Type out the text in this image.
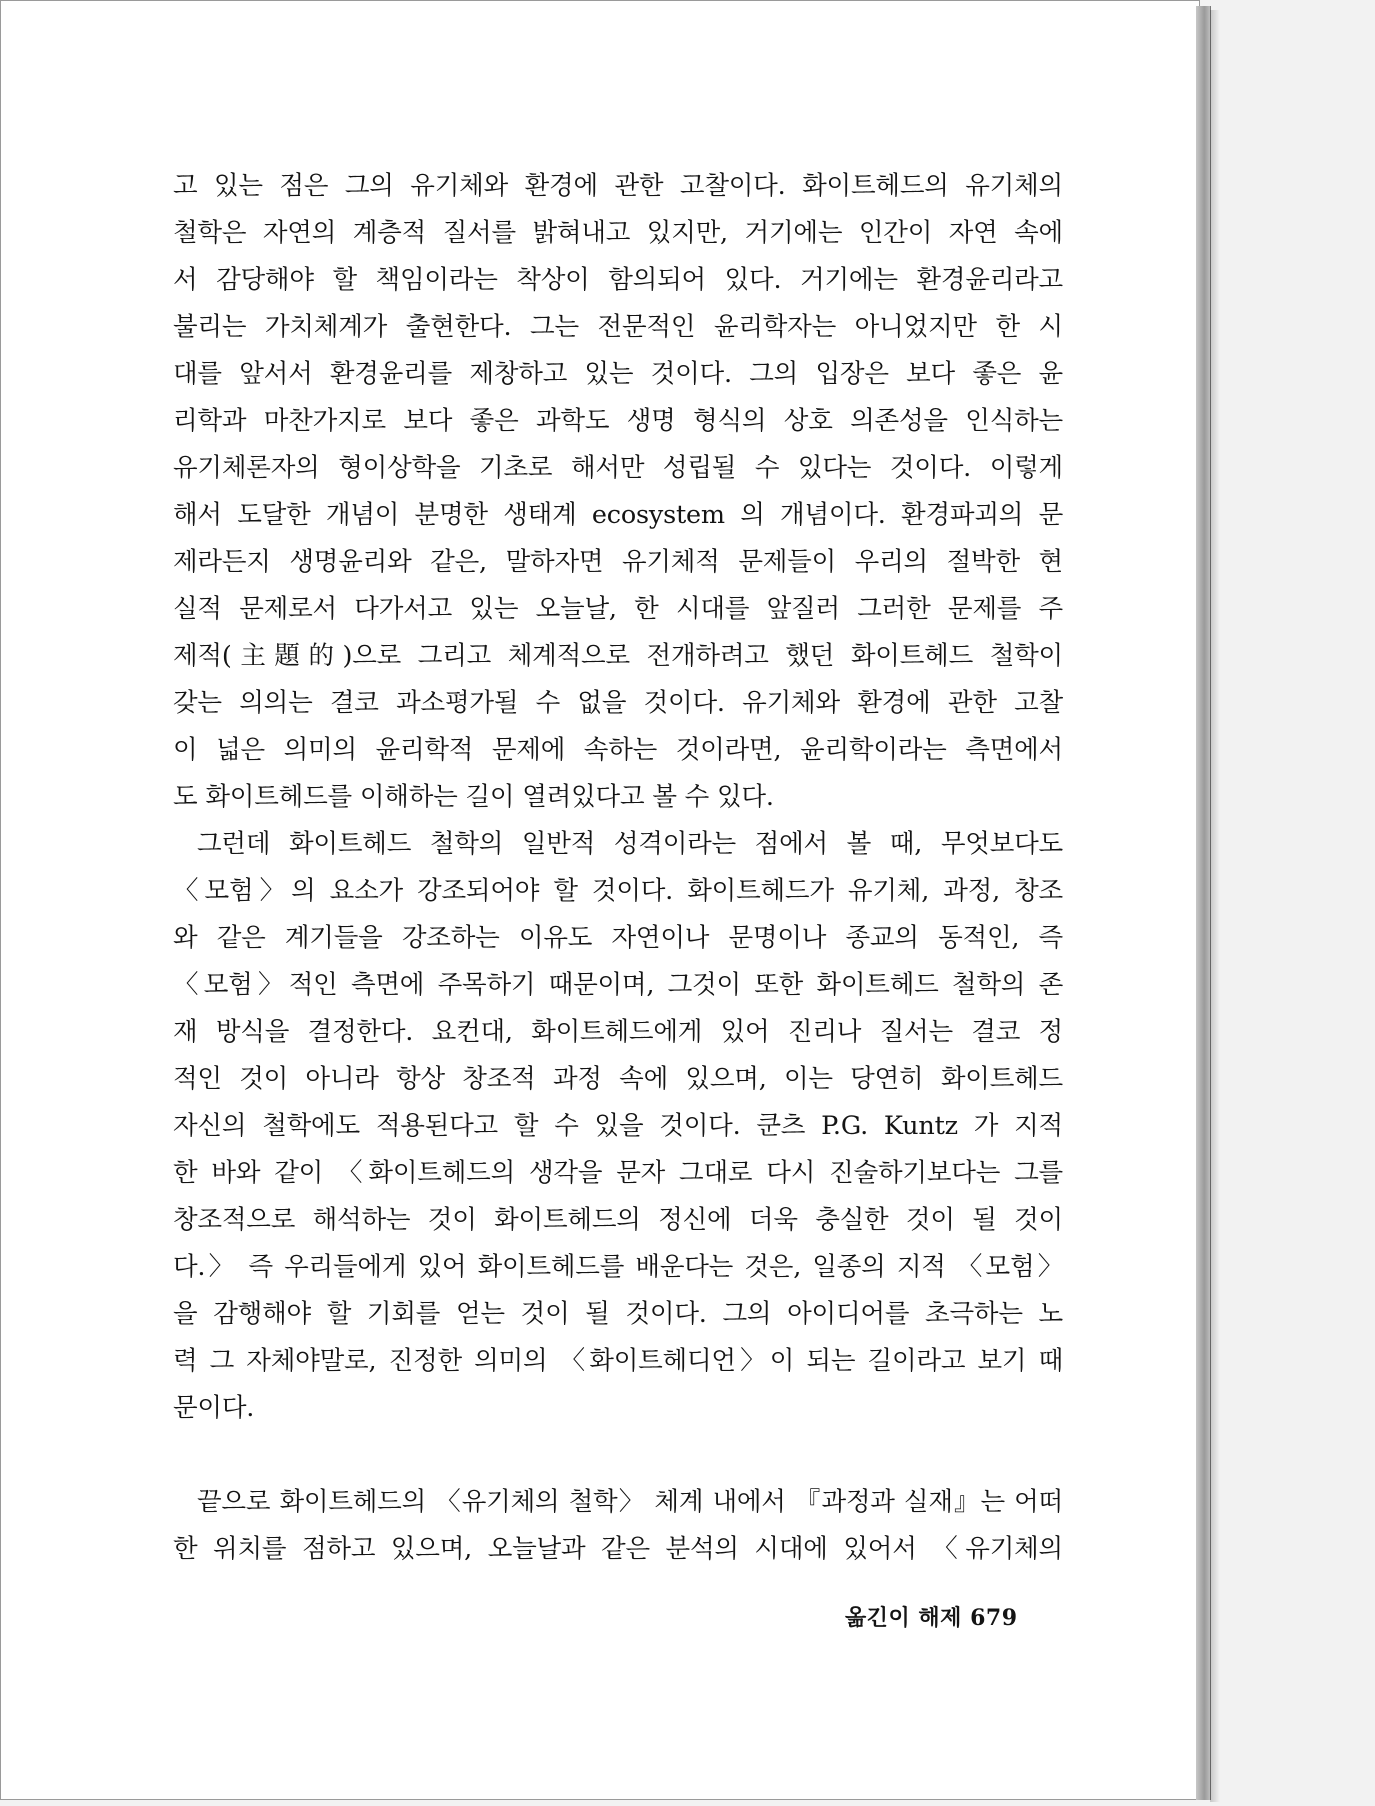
고 있는 점은 그의 유기체와 환경에 관한 고찰이다. 화이트헤드의 유기체의
철학은 자연의 계층적 질서를 밝혀내고 있지만, 거기에는 인간이 자연 속에
서 감당해야 할 책임이라는 착상이 함의되어 있다. 거기에는 환경윤리라고
불리는 가치체계가 출현한다. 그는 전문적인 윤리학자는 아니었지만 한 시
대를 앞서서 환경윤리를 제창하고 있는 것이다. 그의 입장은 보다 좋은 윤
리학과 마찬가지로 보다 좋은 과학도 생명 형식의 상호 의존성을 인식하는
유기체론자의 형이상학을 기초로 해서만 성립될 수 있다는 것이다. 이렇게
해서 도달한 개념이 분명한 생태계 ecosystem 의 개념이다. 환경파괴의 문
제라든지 생명윤리와 같은, 말하자면 유기체적 문제들이 우리의 절박한 현
실적 문제로서 다가서고 있는 오늘날, 한 시대를 앞질러 그러한 문제를 주
제적(主題的)으로 그리고 체계적으로 전개하려고 했던 화이트헤드 철학이
갖는 의의는 결코 과소평가될 수 없을 것이다. 유기체와 환경에 관한 고찰
이 넓은 의미의 윤리학적 문제에 속하는 것이라면, 윤리학이라는 측면에서
도 화이트헤드를 이해하는 길이 열려있다고 볼 수 있다.
그런데 화이트헤드 철학의 일반적 성격이라는 점에서 볼 때, 무엇보다도
〈모험〉의 요소가 강조되어야 할 것이다. 화이트헤드가 유기체, 과정, 창조
와 같은 계기들을 강조하는 이유도 자연이나 문명이나 종교의 동적인, 즉
〈모험〉적인 측면에 주목하기 때문이며, 그것이 또한 화이트헤드 철학의 존
재 방식을 결정한다. 요컨대, 화이트헤드에게 있어 진리나 질서는 결코 정
적인 것이 아니라 항상 창조적 과정 속에 있으며, 이는 당연히 화이트헤드
자신의 철학에도 적용된다고 할 수 있을 것이다. 쿤츠 P.G. Kuntz 가 지적
한 바와 같이 〈화이트헤드의 생각을 문자 그대로 다시 진술하기보다는 그를
창조적으로 해석하는 것이 화이트헤드의 정신에 더욱 충실한 것이 될 것이
다.〉 즉 우리들에게 있어 화이트헤드를 배운다는 것은, 일종의 지적 〈모험〉
을 감행해야 할 기회를 얻는 것이 될 것이다. 그의 아이디어를 초극하는 노
력 그 자체야말로, 진정한 의미의 〈화이트헤디언〉이 되는 길이라고 보기 때
문이다.
끝으로 화이트헤드의 〈유기체의 철학〉 체계 내에서 『과정과 실재』는 어떠
한 위치를 점하고 있으며, 오늘날과 같은 분석의 시대에 있어서 〈유기체의
옮긴이 해제 679
